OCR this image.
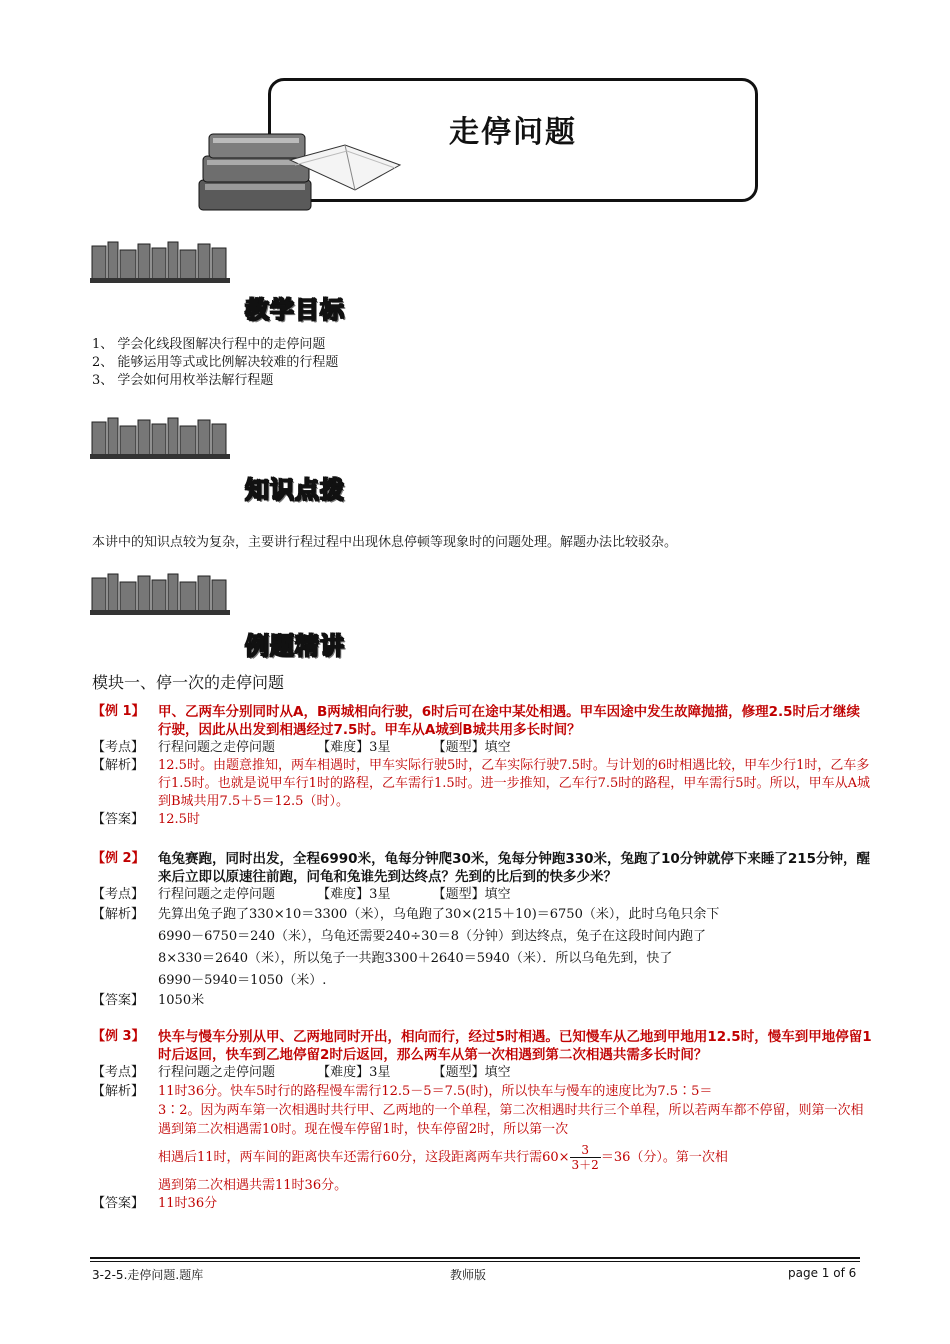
走停问题
教学目标
1、 学会化线段图解决行程中的走停问题
2、 能够运用等式或比例解决较难的行程题
3、 学会如何用枚举法解行程题
知识点拨
本讲中的知识点较为复杂，主要讲行程过程中出现休息停顿等现象时的问题处理。解题办法比较驳杂。
例题精讲
模块一、停一次的走停问题
【例 1】 甲、乙两车分别同时从A，B两城相向行驶，6时后可在途中某处相遇。甲车因途中发生故障抛描，修理2.5时后才继续行驶，因此从出发到相遇经过7.5时。甲车从A城到B城共用多长时间？
【考点】	行程问题之走停问题	【难度】3星	【题型】填空
【解析】	12.5时。由题意推知，两车相遇时，甲车实际行驶5时，乙车实际行驶7.5时。与计划的6时相遇比较，甲车少行1时，乙车多行1.5时。也就是说甲车行1时的路程，乙车需行1.5时。进一步推知，乙车行7.5时的路程，甲车需行5时。所以，甲车从A城到B城共用7.5＋5＝12.5（时）。
【答案】	12.5时
【例 2】 龟兔赛跑，同时出发，全程6990米，龟每分钟爬30米，兔每分钟跑330米，兔跑了10分钟就停下来睡了215分钟，醒来后立即以原速往前跑，问龟和兔谁先到达终点？先到的比后到的快多少米？
【考点】	行程问题之走停问题	【难度】3星	【题型】填空
【解析】	先算出兔子跑了330×10＝3300（米），乌龟跑了30×(215＋10)＝6750（米），此时乌龟只余下
6990－6750＝240（米），乌龟还需要240÷30＝8（分钟）到达终点，兔子在这段时间内跑了
8×330＝2640（米），所以兔子一共跑3300＋2640＝5940（米）．所以乌龟先到，快了
6990－5940＝1050（米）.
【答案】	1050米
【例 3】 快车与慢车分别从甲、乙两地同时开出，相向而行，经过5时相遇。已知慢车从乙地到甲地用12.5时，慢车到甲地停留1时后返回，快车到乙地停留2时后返回，那么两车从第一次相遇到第二次相遇共需多长时间？
【考点】	行程问题之走停问题	【难度】3星	【题型】填空
【解析】	11时36分。快车5时行的路程慢车需行12.5－5＝7.5(时)，所以快车与慢车的速度比为7.5∶5＝
3∶2。因为两车第一次相遇时共行甲、乙两地的一个单程，第二次相遇时共行三个单程，所以若两车都不停留，则第一次相遇到第二次相遇需10时。现在慢车停留1时，快车停留2时，所以第一次
相遇后11时，两车间的距离快车还需行60分，这段距离两车共行需$60\times \frac{3}{3+2} =36$（分）。第一次相
遇到第二次相遇共需11时36分。
【答案】	11时36分
3-2-5.走停问题.题库	教师版	page 1 of 6
